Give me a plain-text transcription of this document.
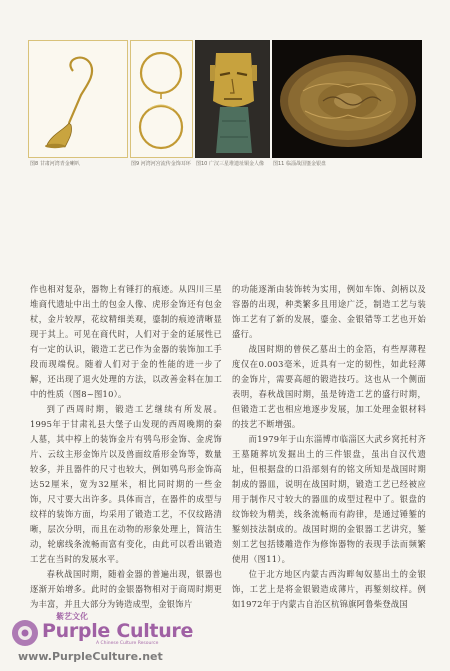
图8 甘肃河湾青金喇叭	图9 河湾河宫流传金饰耳环	图10 广汉三星堆遗址铜金人像	图11 临淄战国鎏金银盘

作也相对复杂，器物上有锤打的痕迹。从四川三星堆商代遗址中出土的包金人像、虎形金饰还有包金杖，金片较厚，花纹精细美观，鎏制的痕迹清晰显现于其上。可见在商代时，人们对于金的延展性已有一定的认识，锻造工艺已作为金器的装饰加工手段而现端倪。随着人们对于金的性能的进一步了解，还出现了退火处理的方法，以改善金料在加工中的性质（图8~图10）。

到了西周时期，锻造工艺继续有所发展。1995年于甘肃礼县大堡子山发现的西周晚期的秦人墓，其中椁上的装饰金片有鸮鸟形金饰、金虎饰片、云纹主形金饰片以及兽面纹盾形金饰等，数量较多，并且器件的尺寸也较大，例如鸮鸟形金饰高达52厘米，宽为32厘米，相比同时期的一些金饰，尺寸要大出许多。具体而言，在器件的成型与纹样的装饰方面，均采用了锻造工艺，不仅纹路清晰，层次分明，而且在动物的形象处理上，简洁生动，轮廓线条流畅而富有变化，由此可以看出锻造工艺在当时的发展水平。

春秋战国时期，随着金器的普遍出现，银器也逐渐开始增多。此时的金银器物相对于商周时期更为丰富，并且大部分为铸造成型，金银饰片

的功能逐渐由装饰转为实用，例如车饰、剑柄以及容器的出现，种类繁多且用途广泛，制造工艺与装饰工艺有了新的发展，鎏金、金银错等工艺也开始盛行。

战国时期的曾侯乙墓出土的金箔，有些厚薄程度仅在0.003毫米，近具有一定的韧性，如此轻薄的金饰片，需要高超的锻造技巧。这也从一个侧面表明，春秋战国时期，虽是铸造工艺的盛行时期，但锻造工艺也相应地逐步发展，加工处理金银材料的技艺不断增强。

而1979年于山东淄博市临淄区大武乡窝托村齐王墓随葬坑发掘出土的三件银盘，虽出自汉代遗址，但根据盘的口沿部刻有的铭文所知是战国时期制成的器皿，说明在战国时期，锻造工艺已经被应用于制作尺寸较大的器皿的成型过程中了。银盘的纹饰较为精美，线条流畅而有韵律，是通过锤錾的錾刻技法制成的。战国时期的金银器工艺讲究，錾刻工艺包括镂雕造作为修饰器物的表现手法而频繁使用（图11）。

位于北方地区内蒙古西沟畔匈奴墓出土的金银饰，工艺上是将金银锻造成薄片，再錾刻纹样。例如1972年于内蒙古自治区杭锦旗阿鲁柴登战国

紫艺文化
Purple Culture
A Chinese Culture Resource
www.PurpleCulture.net
